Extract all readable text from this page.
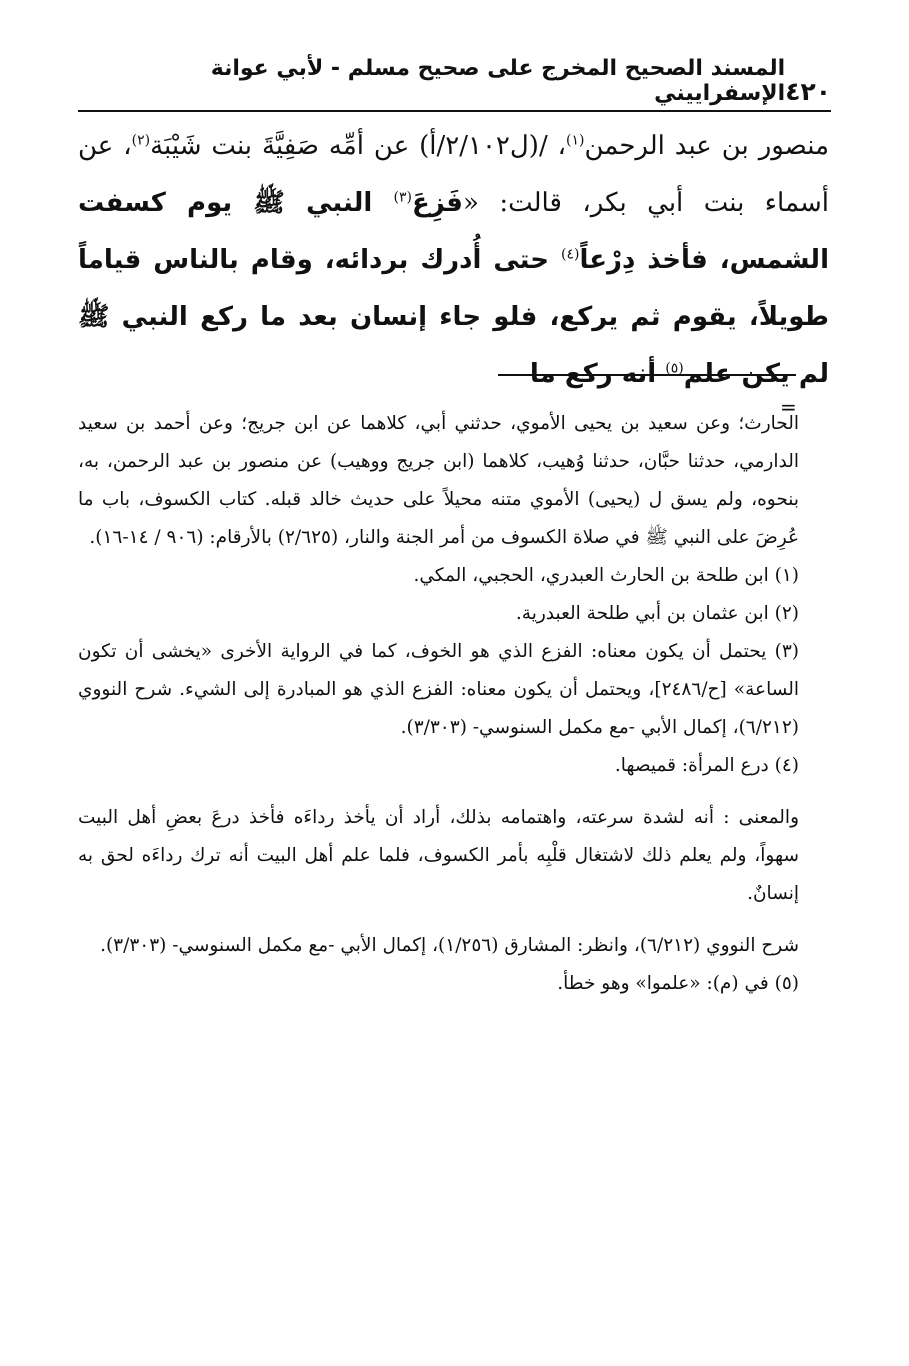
٤٢٠
المسند الصحيح المخرج على صحيح مسلم - لأبي عوانة الإسفراييني

منصور بن عبد الرحمن$^{(١)}$، /(ل٢/١٠٢/أ) عن أمِّه صَفِيَّةَ بنت شَيْبَة$^{(٢)}$، عن أسماء بنت أبي بكر، قالت: «فَزِعَ$^{(٣)}$ النبي ﷺ يوم كسفت الشمس، فأخذ دِرْعاً$^{(٤)}$ حتى أُدرك بردائه، وقام بالناس قياماً طويلاً، يقوم ثم يركع، فلو جاء إنسان بعد ما ركع النبي ﷺ لم يكن علم$^{(٥)}$ أنه ركع ما

=

الحارث؛ وعن سعيد بن يحيى الأموي، حدثني أبي، كلاهما عن ابن جريج؛ وعن أحمد بن سعيد الدارمي، حدثنا حبَّان، حدثنا وُهيب، كلاهما (ابن جريج ووهيب) عن منصور بن عبد الرحمن، به، بنحوه، ولم يسق ل (يحيى) الأموي متنه محيلاً على حديث خالد قبله. كتاب الكسوف، باب ما عُرِضَ على النبي ﷺ في صلاة الكسوف من أمر الجنة والنار، (٢/٦٢٥) بالأرقام: (٩٠٦ / ١٤-١٦).

(١) ابن طلحة بن الحارث العبدري، الحجبي، المكي.

(٢) ابن عثمان بن أبي طلحة العبدرية.

(٣) يحتمل أن يكون معناه: الفزع الذي هو الخوف، كما في الرواية الأخرى «يخشى أن تكون الساعة» [ح/٢٤٨٦]، ويحتمل أن يكون معناه: الفزع الذي هو المبادرة إلى الشيء. شرح النووي (٦/٢١٢)، إكمال الأبي -مع مكمل السنوسي- (٣/٣٠٣).

(٤) درع المرأة: قميصها.

والمعنى : أنه لشدة سرعته، واهتمامه بذلك، أراد أن يأخذ رداءَه فأخذ درعَ بعضِ أهل البيت سهواً، ولم يعلم ذلك لاشتغال قلْبِه بأمر الكسوف، فلما علم أهل البيت أنه ترك رداءَه لحق به إنسانٌ.

شرح النووي (٦/٢١٢)، وانظر: المشارق (١/٢٥٦)، إكمال الأبي -مع مكمل السنوسي- (٣/٣٠٣).

(٥) في (م): «علموا» وهو خطأ.
